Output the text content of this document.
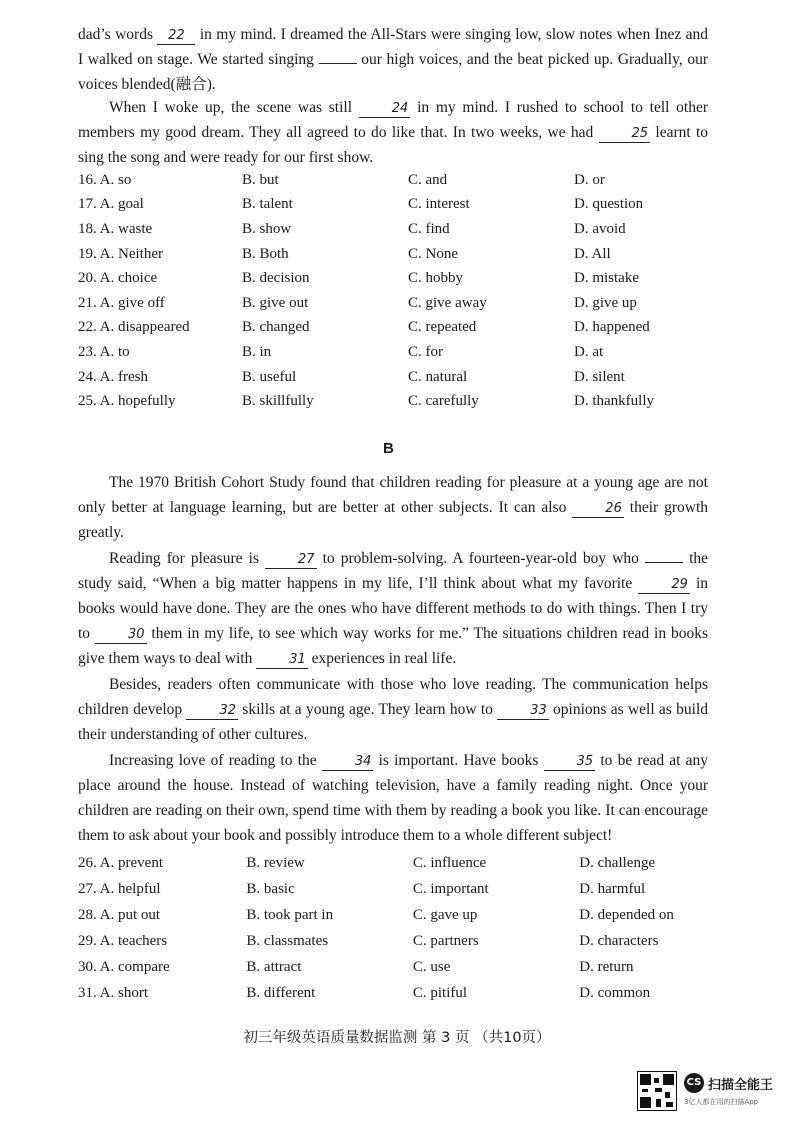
dad’s words 22 in my mind. I dreamed the All-Stars were singing low, slow notes when Inez and I walked on stage. We started singing	our high voices, and the beat picked up. Gradually, our voices blended(融合).
When I woke up, the scene was still	24 in my mind. I rushed to school to tell other members my good dream. They all agreed to do like that. In two weeks, we had	25 learnt to sing the song and were ready for our first show.
16. A. so	B. but	C. and	D. or
17. A. goal	B. talent	C. interest	D. question
18. A. waste	B. show	C. find	D. avoid
19. A. Neither	B. Both	C. None	D. All
20. A. choice	B. decision	C. hobby	D. mistake
21. A. give off	B. give out	C. give away	D. give up
22. A. disappeared	B. changed	C. repeated	D. happened
23. A. to	B. in	C. for	D. at
24. A. fresh	B. useful	C. natural	D. silent
25. A. hopefully	B. skillfully	C. carefully	D. thankfully
B
The 1970 British Cohort Study found that children reading for pleasure at a young age are not only better at language learning, but are better at other subjects. It can also	26 their growth greatly.
Reading for pleasure is	27 to problem-solving. A fourteen-year-old boy who	the study said, “When a big matter happens in my life, I’ll think about what my favorite	29 in books would have done. They are the ones who have different methods to do with things. Then I try to	30 them in my life, to see which way works for me.” The situations children read in books give them ways to deal with	31 experiences in real life.
Besides, readers often communicate with those who love reading. The communication helps children develop	32 skills at a young age. They learn how to	33 opinions as well as build their understanding of other cultures.
Increasing love of reading to the	34 is important. Have books	35 to be read at any place around the house. Instead of watching television, have a family reading night. Once your children are reading on their own, spend time with them by reading a book you like. It can encourage them to ask about your book and possibly introduce them to a whole different subject!
26. A. prevent	B. review	C. influence	D. challenge
27. A. helpful	B. basic	C. important	D. harmful
28. A. put out	B. took part in	C. gave up	D. depended on
29. A. teachers	B. classmates	C. partners	D. characters
30. A. compare	B. attract	C. use	D. return
31. A. short	B. different	C. pitiful	D. common
初三年级英语质量数据监测 第 3 页 （共10页）
CS 扫描全能王
3亿人都在用的扫描App
